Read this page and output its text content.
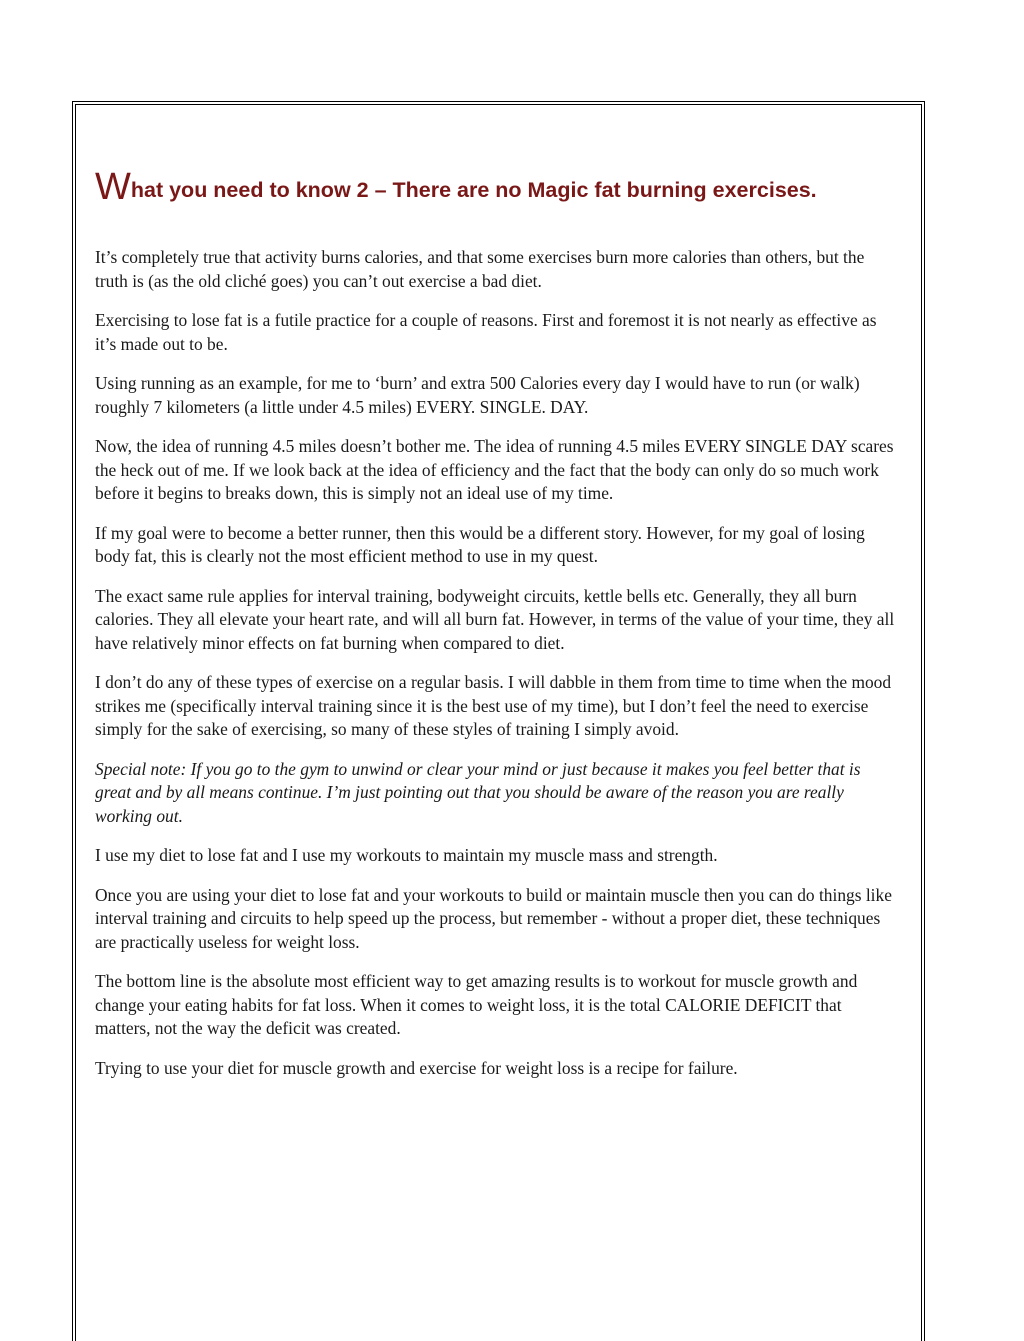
What you need to know 2 – There are no Magic fat burning exercises.

It’s completely true that activity burns calories, and that some exercises burn more calories than others, but the truth is (as the old cliché goes) you can’t out exercise a bad diet.

Exercising to lose fat is a futile practice for a couple of reasons. First and foremost it is not nearly as effective as it’s made out to be.

Using running as an example, for me to ‘burn’ and extra 500 Calories every day I would have to run (or walk) roughly 7 kilometers (a little under 4.5 miles) EVERY. SINGLE. DAY.

Now, the idea of running 4.5 miles doesn’t bother me. The idea of running 4.5 miles EVERY SINGLE DAY scares the heck out of me. If we look back at the idea of efficiency and the fact that the body can only do so much work before it begins to breaks down, this is simply not an ideal use of my time.

If my goal were to become a better runner, then this would be a different story. However, for my goal of losing body fat, this is clearly not the most efficient method to use in my quest.

The exact same rule applies for interval training, bodyweight circuits, kettle bells etc. Generally, they all burn calories. They all elevate your heart rate, and will all burn fat. However, in terms of the value of your time, they all have relatively minor effects on fat burning when compared to diet.

I don’t do any of these types of exercise on a regular basis. I will dabble in them from time to time when the mood strikes me (specifically interval training since it is the best use of my time), but I don’t feel the need to exercise simply for the sake of exercising, so many of these styles of training I simply avoid.

Special note: If you go to the gym to unwind or clear your mind or just because it makes you feel better that is great and by all means continue. I’m just pointing out that you should be aware of the reason you are really working out.

I use my diet to lose fat and I use my workouts to maintain my muscle mass and strength.

Once you are using your diet to lose fat and your workouts to build or maintain muscle then you can do things like interval training and circuits to help speed up the process, but remember - without a proper diet, these techniques are practically useless for weight loss.

The bottom line is the absolute most efficient way to get amazing results is to workout for muscle growth and change your eating habits for fat loss. When it comes to weight loss, it is the total CALORIE DEFICIT that matters, not the way the deficit was created.

Trying to use your diet for muscle growth and exercise for weight loss is a recipe for failure.
